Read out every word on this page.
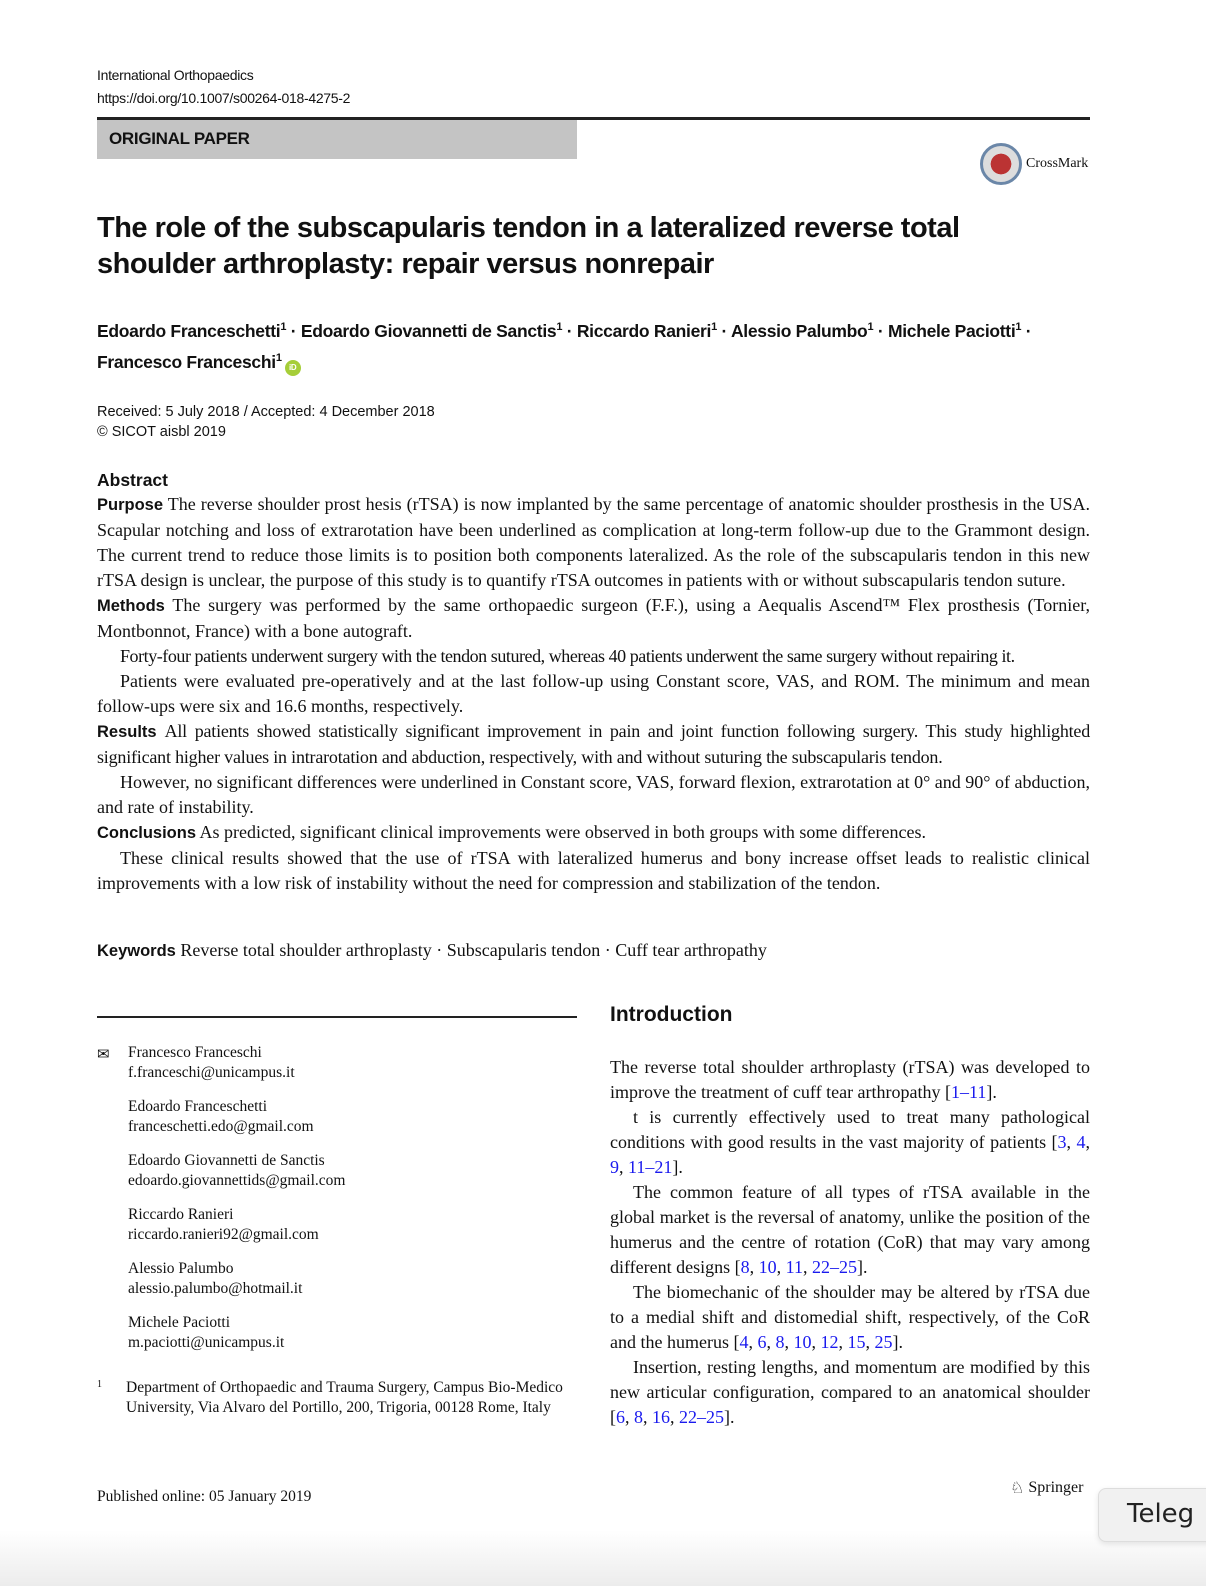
International Orthopaedics
https://doi.org/10.1007/s00264-018-4275-2
ORIGINAL PAPER
CrossMark
The role of the subscapularis tendon in a lateralized reverse total shoulder arthroplasty: repair versus nonrepair
Edoardo Franceschetti$^1$ · Edoardo Giovannetti de Sanctis$^1$ · Riccardo Ranieri$^1$ · Alessio Palumbo$^1$ · Michele Paciotti$^1$ ·
Francesco Franceschi$^1$iD
Received: 5 July 2018 / Accepted: 4 December 2018
© SICOT aisbl 2019
Abstract

Purpose The reverse shoulder prost hesis (rTSA) is now implanted by the same percentage of anatomic shoulder prosthesis in the USA. Scapular notching and loss of extrarotation have been underlined as complication at long-term follow-up due to the Grammont design. The current trend to reduce those limits is to position both components lateralized. As the role of the subscapularis tendon in this new rTSA design is unclear, the purpose of this study is to quantify rTSA outcomes in patients with or without subscapularis tendon suture.

Methods The surgery was performed by the same orthopaedic surgeon (F.F.), using a Aequalis Ascend™ Flex prosthesis (Tornier, Montbonnot, France) with a bone autograft.

Forty-four patients underwent surgery with the tendon sutured, whereas 40 patients underwent the same surgery without repairing it.

Patients were evaluated pre-operatively and at the last follow-up using Constant score, VAS, and ROM. The minimum and mean follow-ups were six and 16.6 months, respectively.

Results All patients showed statistically significant improvement in pain and joint function following surgery. This study highlighted significant higher values in intrarotation and abduction, respectively, with and without suturing the subscapularis tendon.

However, no significant differences were underlined in Constant score, VAS, forward flexion, extrarotation at 0° and 90° of abduction, and rate of instability.

Conclusions As predicted, significant clinical improvements were observed in both groups with some differences.

These clinical results showed that the use of rTSA with lateralized humerus and bony increase offset leads to realistic clinical improvements with a low risk of instability without the need for compression and stabilization of the tendon.

Keywords Reverse total shoulder arthroplasty · Subscapularis tendon · Cuff tear arthropathy
✉ Francesco Franceschi
f.franceschi@unicampus.it
Edoardo Franceschetti
franceschetti.edo@gmail.com
Edoardo Giovannetti de Sanctis
edoardo.giovannettids@gmail.com
Riccardo Ranieri
riccardo.ranieri92@gmail.com
Alessio Palumbo
alessio.palumbo@hotmail.it
Michele Paciotti
m.paciotti@unicampus.it
1 Department of Orthopaedic and Trauma Surgery, Campus Bio-Medico University, Via Alvaro del Portillo, 200, Trigoria, 00128 Rome, Italy
Published online: 05 January 2019
Introduction

The reverse total shoulder arthroplasty (rTSA) was developed to improve the treatment of cuff tear arthropathy [1–11].

t is currently effectively used to treat many pathological conditions with good results in the vast majority of patients [3, 4, 9, 11–21].

The common feature of all types of rTSA available in the global market is the reversal of anatomy, unlike the position of the humerus and the centre of rotation (CoR) that may vary among different designs [8, 10, 11, 22–25].

The biomechanic of the shoulder may be altered by rTSA due to a medial shift and distomedial shift, respectively, of the CoR and the humerus [4, 6, 8, 10, 12, 15, 25].

Insertion, resting lengths, and momentum are modified by this new articular configuration, compared to an anatomical shoulder [6, 8, 16, 22–25].

♘ Springer
Teleg
